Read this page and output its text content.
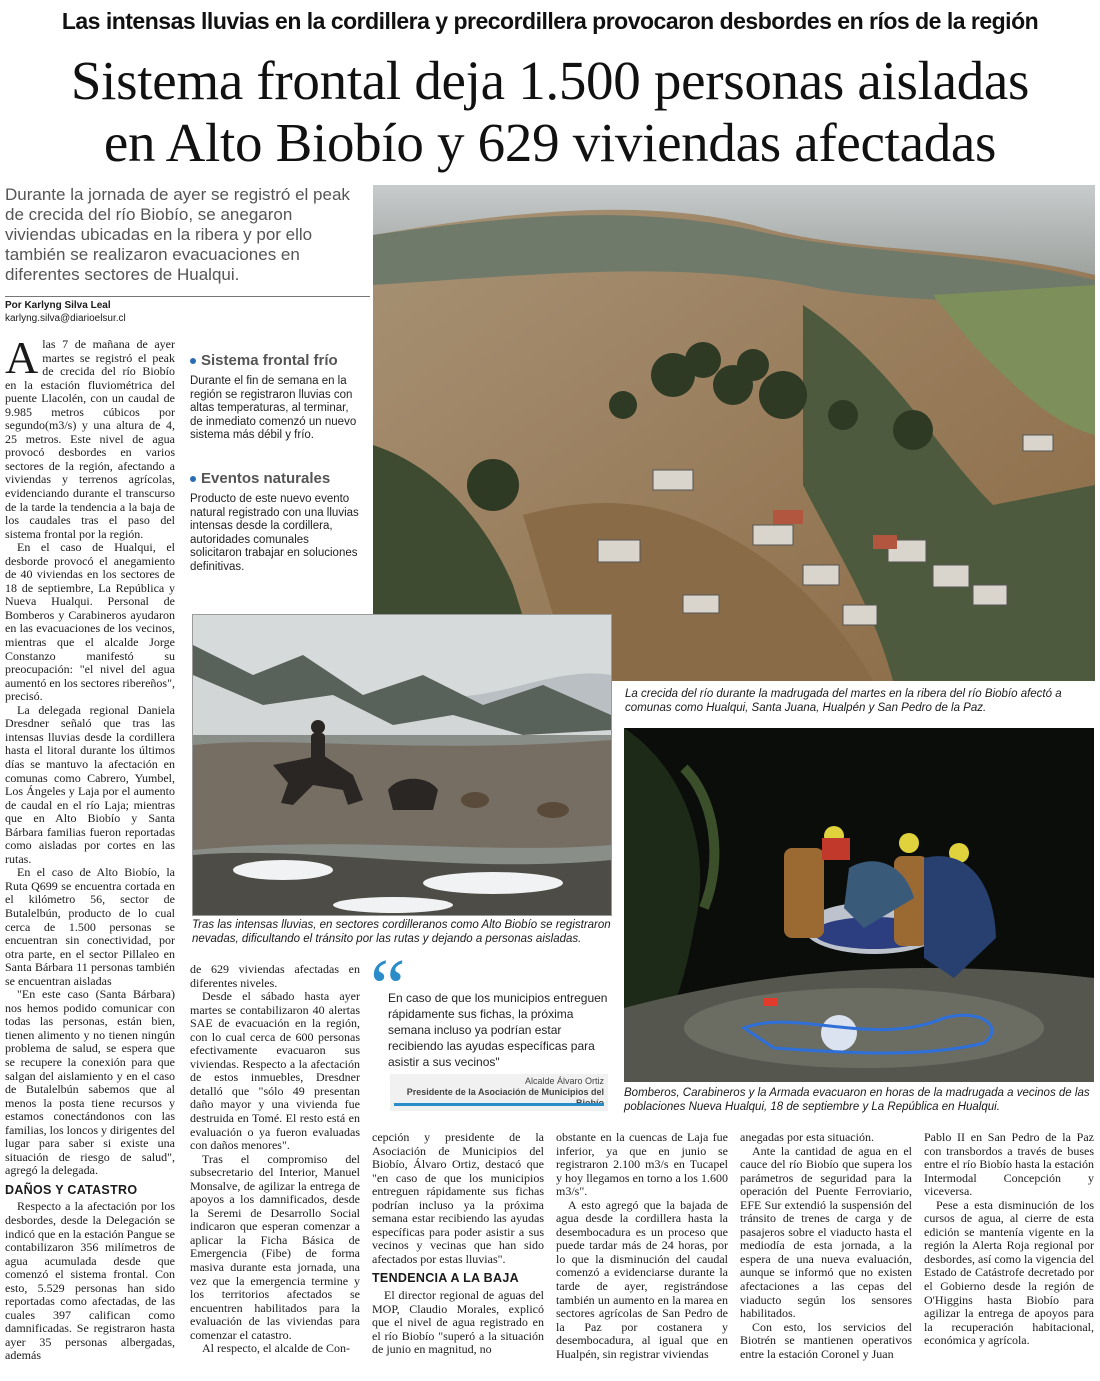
Las intensas lluvias en la cordillera y precordillera provocaron desbordes en ríos de la región
Sistema frontal deja 1.500 personas aisladas
en Alto Biobío y 629 viviendas afectadas
Durante la jornada de ayer se registró el peak de crecida del río Biobío, se anegaron viviendas ubicadas en la ribera y por ello también se realizaron evacuaciones en diferentes sectores de Hualqui.
Por Karlyng Silva Leal
karlyng.silva@diarioelsur.cl

Alas 7 de mañana de ayer martes se registró el peak de crecida del río Biobío en la estación fluviométrica del puente Llacolén, con un caudal de 9.985 metros cúbicos por segundo(m3/s) y una altura de 4, 25 metros. Este nivel de agua provocó desbordes en varios sectores de la región, afectando a viviendas y terrenos agrícolas, evidenciando durante el transcurso de la tarde la tendencia a la baja de los caudales tras el paso del sistema frontal por la región.

En el caso de Hualqui, el desborde provocó el anegamiento de 40 viviendas en los sectores de 18 de septiembre, La República y Nueva Hualqui. Personal de Bomberos y Carabineros ayudaron en las evacuaciones de los vecinos, mientras que el alcalde Jorge Constanzo manifestó su preocupación: "el nivel del agua aumentó en los sectores ribereños", precisó.

La delegada regional Daniela Dresdner señaló que tras las intensas lluvias desde la cordillera hasta el litoral durante los últimos días se mantuvo la afectación en comunas como Cabrero, Yumbel, Los Ángeles y Laja por el aumento de caudal en el río Laja; mientras que en Alto Biobío y Santa Bárbara familias fueron reportadas como aisladas por cortes en las rutas.

En el caso de Alto Biobío, la Ruta Q699 se encuentra cortada en el kilómetro 56, sector de Butalelbún, producto de lo cual cerca de 1.500 personas se encuentran sin conectividad, por otra parte, en el sector Pillaleo en Santa Bárbara 11 personas también se encuentran aisladas

"En este caso (Santa Bárbara) nos hemos podido comunicar con todas las personas, están bien, tienen alimento y no tienen ningún problema de salud, se espera que se recupere la conexión para que salgan del aislamiento y en el caso de Butalelbún sabemos que al menos la posta tiene recursos y estamos conectándonos con las familias, los loncos y dirigentes del lugar para saber si existe una situación de riesgo de salud", agregó la delegada.

DAÑOS Y CATASTRO

Respecto a la afectación por los desbordes, desde la Delegación se indicó que en la estación Pangue se contabilizaron 356 milímetros de agua acumulada desde que comenzó el sistema frontal. Con esto, 5.529 personas han sido reportadas como afectadas, de las cuales 397 califican como damnificadas. Se registraron hasta ayer 35 personas albergadas, además

Sistema frontal frío
Durante el fin de semana en la región se registraron lluvias con altas temperaturas, al terminar, de inmediato comenzó un nuevo sistema más débil y frío.
Eventos naturales
Producto de este nuevo evento natural registrado con una lluvias intensas desde la cordillera, autoridades comunales solicitaron trabajar en soluciones definitivas.
La crecida del río durante la madrugada del martes en la ribera del río Biobío afectó a comunas como Hualqui, Santa Juana, Hualpén y San Pedro de la Paz.
Tras las intensas lluvias, en sectores cordilleranos como Alto Biobío se registraron nevadas, dificultando el tránsito por las rutas y dejando a personas aisladas.
Bomberos, Carabineros y la Armada evacuaron en horas de la madrugada a vecinos de las poblaciones Nueva Hualqui, 18 de septiembre y La República en Hualqui.

de 629 viviendas afectadas en diferentes niveles.

Desde el sábado hasta ayer martes se contabilizaron 40 alertas SAE de evacuación en la región, con lo cual cerca de 600 personas efectivamente evacuaron sus viviendas. Respecto a la afectación de estos inmuebles, Dresdner detalló que "sólo 49 presentan daño mayor y una vivienda fue destruida en Tomé. El resto está en evaluación o ya fueron evaluadas con daños menores".

Tras el compromiso del subsecretario del Interior, Manuel Monsalve, de agilizar la entrega de apoyos a los damnificados, desde la Seremi de Desarrollo Social indicaron que esperan comenzar a aplicar la Ficha Básica de Emergencia (Fibe) de forma masiva durante esta jornada, una vez que la emergencia termine y los territorios afectados se encuentren habilitados para la evaluación de las viviendas para comenzar el catastro.

Al respecto, el alcalde de Con-

“
En caso de que los municipios entreguen rápidamente sus fichas, la próxima semana incluso ya podrían estar recibiendo las ayudas específicas para asistir a sus vecinos"
Alcalde Álvaro Ortiz
Presidente de la Asociación de Municipios del

cepción y presidente de la Asociación de Municipios del Biobío, Álvaro Ortiz, destacó que "en caso de que los municipios entreguen rápidamente sus fichas podrían incluso ya la próxima semana estar recibiendo las ayudas específicas para poder asistir a sus vecinos y vecinas que han sido afectados por estas lluvias".

TENDENCIA A LA BAJA

El director regional de aguas del MOP, Claudio Morales, explicó que el nivel de agua registrado en el río Biobío "superó a la situación de junio en magnitud, no

obstante en la cuencas de Laja fue inferior, ya que en junio se registraron 2.100 m3/s en Tucapel y hoy llegamos en torno a los 1.600 m3/s".

A esto agregó que la bajada de agua desde la cordillera hasta la desembocadura es un proceso que puede tardar más de 24 horas, por lo que la disminución del caudal comenzó a evidenciarse durante la tarde de ayer, registrándose también un aumento en la marea en sectores agrícolas de San Pedro de la Paz por costanera y desembocadura, al igual que en Hualpén, sin registrar viviendas

anegadas por esta situación.

Ante la cantidad de agua en el cauce del río Biobío que supera los parámetros de seguridad para la operación del Puente Ferroviario, EFE Sur extendió la suspensión del tránsito de trenes de carga y de pasajeros sobre el viaducto hasta el mediodía de esta jornada, a la espera de una nueva evaluación, aunque se informó que no existen afectaciones a las cepas del viaducto según los sensores habilitados.

Con esto, los servicios del Biotrén se mantienen operativos entre la estación Coronel y Juan

Pablo II en San Pedro de la Paz con transbordos a través de buses entre el río Biobío hasta la estación Intermodal Concepción y viceversa.

Pese a esta disminución de los cursos de agua, al cierre de esta edición se mantenía vigente en la región la Alerta Roja regional por desbordes, así como la vigencia del Estado de Catástrofe decretado por el Gobierno desde la región de O'Higgins hasta Biobío para agilizar la entrega de apoyos para la recuperación habitacional, económica y agrícola.
